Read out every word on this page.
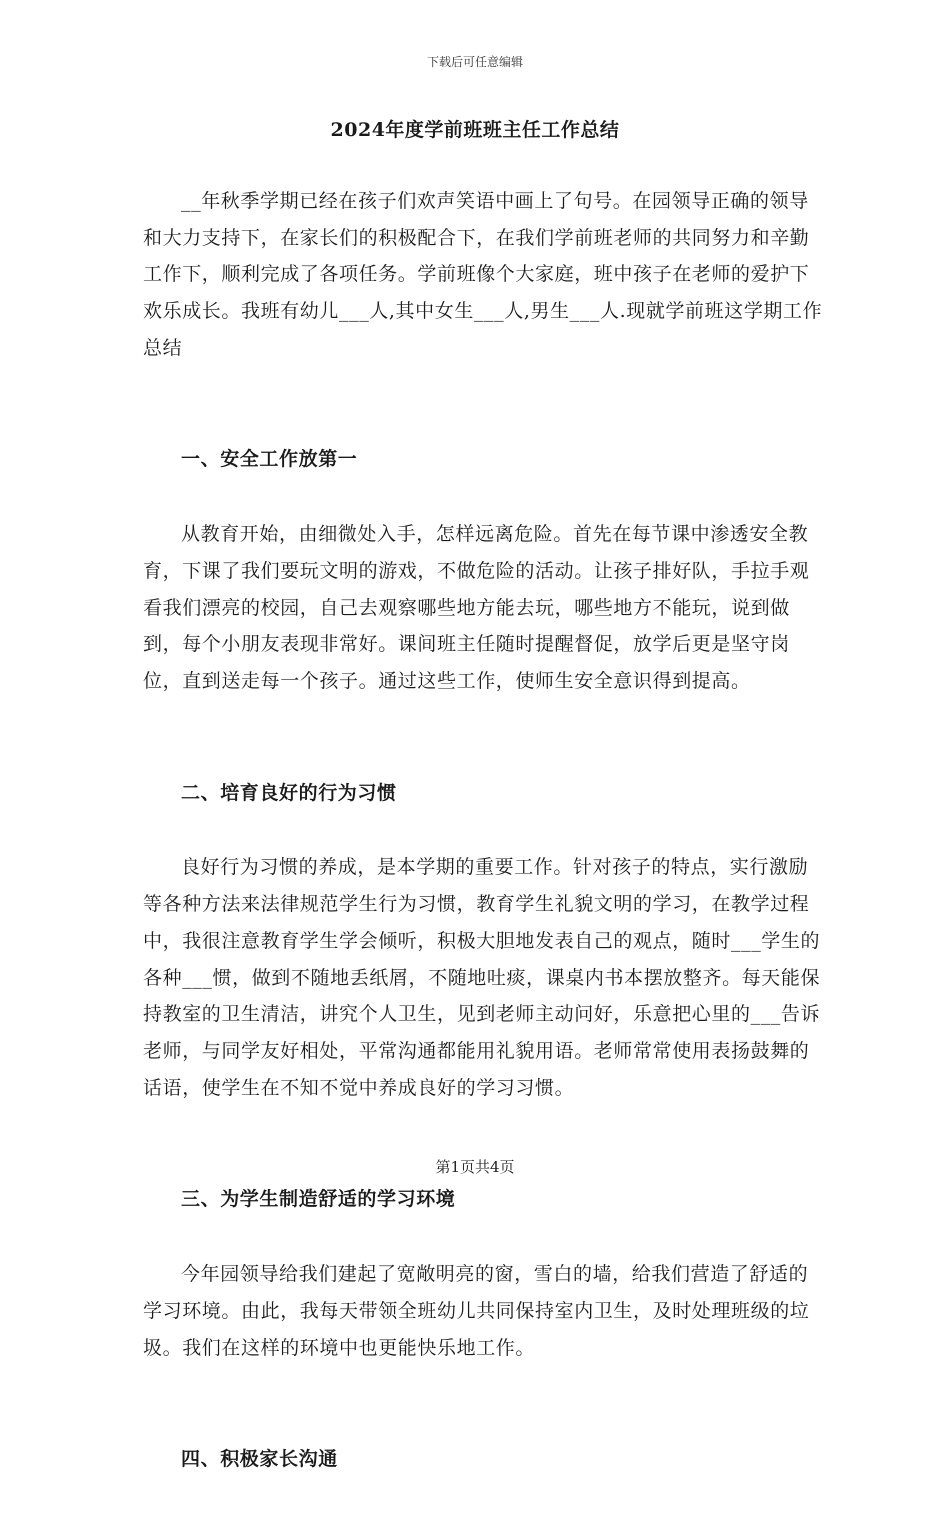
下载后可任意编辑
2024年度学前班班主任工作总结

__年秋季学期已经在孩子们欢声笑语中画上了句号。在园领导正确的领导和大力支持下，在家长们的积极配合下，在我们学前班老师的共同努力和辛勤工作下，顺利完成了各项任务。学前班像个大家庭，班中孩子在老师的爱护下欢乐成长。我班有幼儿___人,其中女生___人,男生___人.现就学前班这学期工作总结

一、安全工作放第一

从教育开始，由细微处入手，怎样远离危险。首先在每节课中渗透安全教育，下课了我们要玩文明的游戏，不做危险的活动。让孩子排好队，手拉手观看我们漂亮的校园，自己去观察哪些地方能去玩，哪些地方不能玩，说到做到，每个小朋友表现非常好。课间班主任随时提醒督促，放学后更是坚守岗位，直到送走每一个孩子。通过这些工作，使师生安全意识得到提高。

二、培育良好的行为习惯

良好行为习惯的养成，是本学期的重要工作。针对孩子的特点，实行激励等各种方法来法律规范学生行为习惯，教育学生礼貌文明的学习，在教学过程中，我很注意教育学生学会倾听，积极大胆地发表自己的观点，随时___学生的各种___惯，做到不随地丢纸屑，不随地吐痰，课桌内书本摆放整齐。每天能保持教室的卫生清洁，讲究个人卫生，见到老师主动问好，乐意把心里的___告诉老师，与同学友好相处，平常沟通都能用礼貌用语。老师常常使用表扬鼓舞的话语，使学生在不知不觉中养成良好的学习习惯。

三、为学生制造舒适的学习环境

今年园领导给我们建起了宽敞明亮的窗，雪白的墙，给我们营造了舒适的学习环境。由此，我每天带领全班幼儿共同保持室内卫生，及时处理班级的垃圾。我们在这样的环境中也更能快乐地工作。

四、积极家长沟通

第1页共4页
